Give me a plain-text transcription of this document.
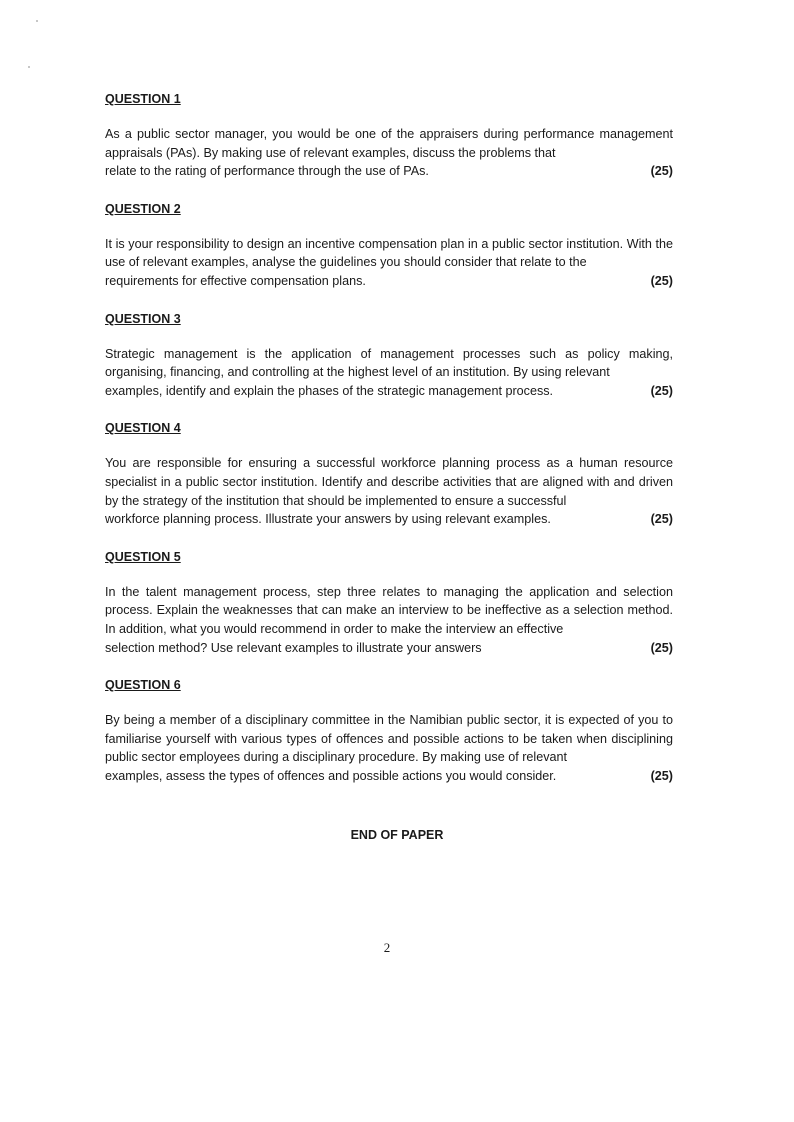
QUESTION 1
As a public sector manager, you would be one of the appraisers during performance management appraisals (PAs). By making use of relevant examples, discuss the problems that
relate to the rating of performance through the use of PAs.	(25)
QUESTION 2
It is your responsibility to design an incentive compensation plan in a public sector institution. With the use of relevant examples, analyse the guidelines you should consider that relate to the
requirements for effective compensation plans.	(25)
QUESTION 3
Strategic management is the application of management processes such as policy making, organising, financing, and controlling at the highest level of an institution. By using relevant
examples, identify and explain the phases of the strategic management process.	(25)
QUESTION 4
You are responsible for ensuring a successful workforce planning process as a human resource specialist in a public sector institution. Identify and describe activities that are aligned with and driven by the strategy of the institution that should be implemented to ensure a successful
workforce planning process. Illustrate your answers by using relevant examples.	(25)
QUESTION 5
In the talent management process, step three relates to managing the application and selection process. Explain the weaknesses that can make an interview to be ineffective as a selection method. In addition, what you would recommend in order to make the interview an effective
selection method? Use relevant examples to illustrate your answers	(25)
QUESTION 6
By being a member of a disciplinary committee in the Namibian public sector, it is expected of you to familiarise yourself with various types of offences and possible actions to be taken when disciplining public sector employees during a disciplinary procedure. By making use of relevant
examples, assess the types of offences and possible actions you would consider.	(25)
END OF PAPER
2
